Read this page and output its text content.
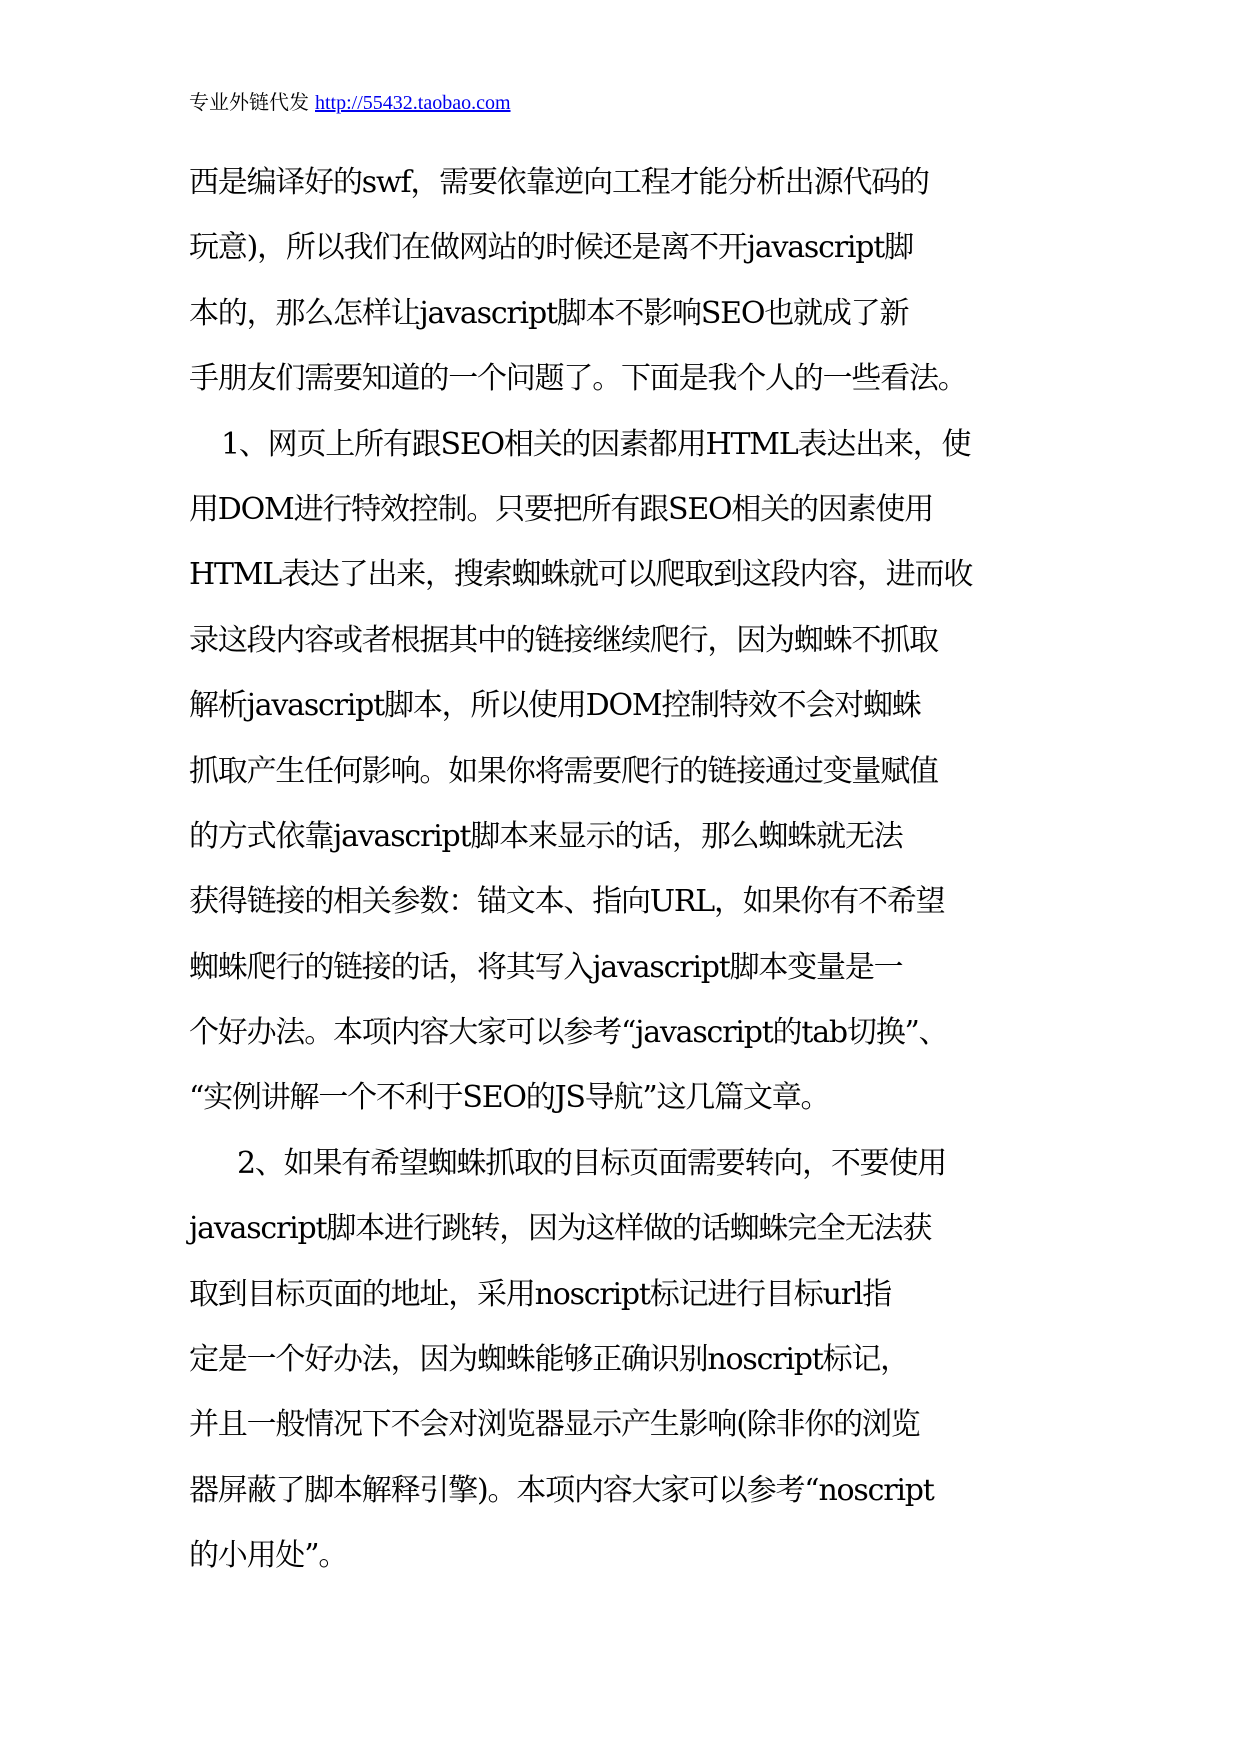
专业外链代发 http://55432.taobao.com
西是编译好的swf，需要依靠逆向工程才能分析出源代码的
玩意)，所以我们在做网站的时候还是离不开javascript脚
本的，那么怎样让javascript脚本不影响SEO也就成了新
手朋友们需要知道的一个问题了。下面是我个人的一些看法。
1、网页上所有跟SEO相关的因素都用HTML表达出来，使
用DOM进行特效控制。只要把所有跟SEO相关的因素使用
HTML表达了出来，搜索蜘蛛就可以爬取到这段内容，进而收
录这段内容或者根据其中的链接继续爬行，因为蜘蛛不抓取
解析javascript脚本，所以使用DOM控制特效不会对蜘蛛
抓取产生任何影响。如果你将需要爬行的链接通过变量赋值
的方式依靠javascript脚本来显示的话，那么蜘蛛就无法
获得链接的相关参数：锚文本、指向URL，如果你有不希望
蜘蛛爬行的链接的话，将其写入javascript脚本变量是一
个好办法。本项内容大家可以参考“javascript的tab切换”、
“实例讲解一个不利于SEO的JS导航”这几篇文章。
2、如果有希望蜘蛛抓取的目标页面需要转向，不要使用
javascript脚本进行跳转，因为这样做的话蜘蛛完全无法获
取到目标页面的地址，采用noscript标记进行目标url指
定是一个好办法，因为蜘蛛能够正确识别noscript标记，
并且一般情况下不会对浏览器显示产生影响(除非你的浏览
器屏蔽了脚本解释引擎)。本项内容大家可以参考“noscript
的小用处”。
